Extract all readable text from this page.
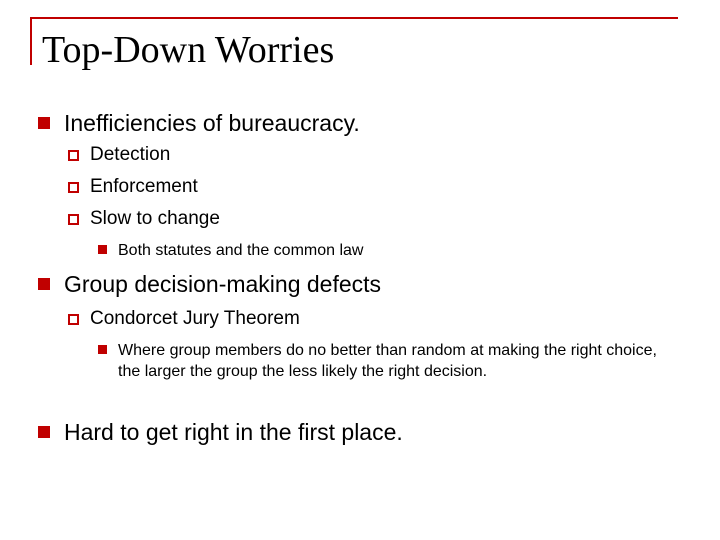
Top-Down Worries
Inefficiencies of bureaucracy.
Detection
Enforcement
Slow to change
Both statutes and the common law
Group decision-making defects
Condorcet Jury Theorem
Where group members do no better than random at making the right choice, the larger the group the less likely the right decision.
Hard to get right in the first place.
